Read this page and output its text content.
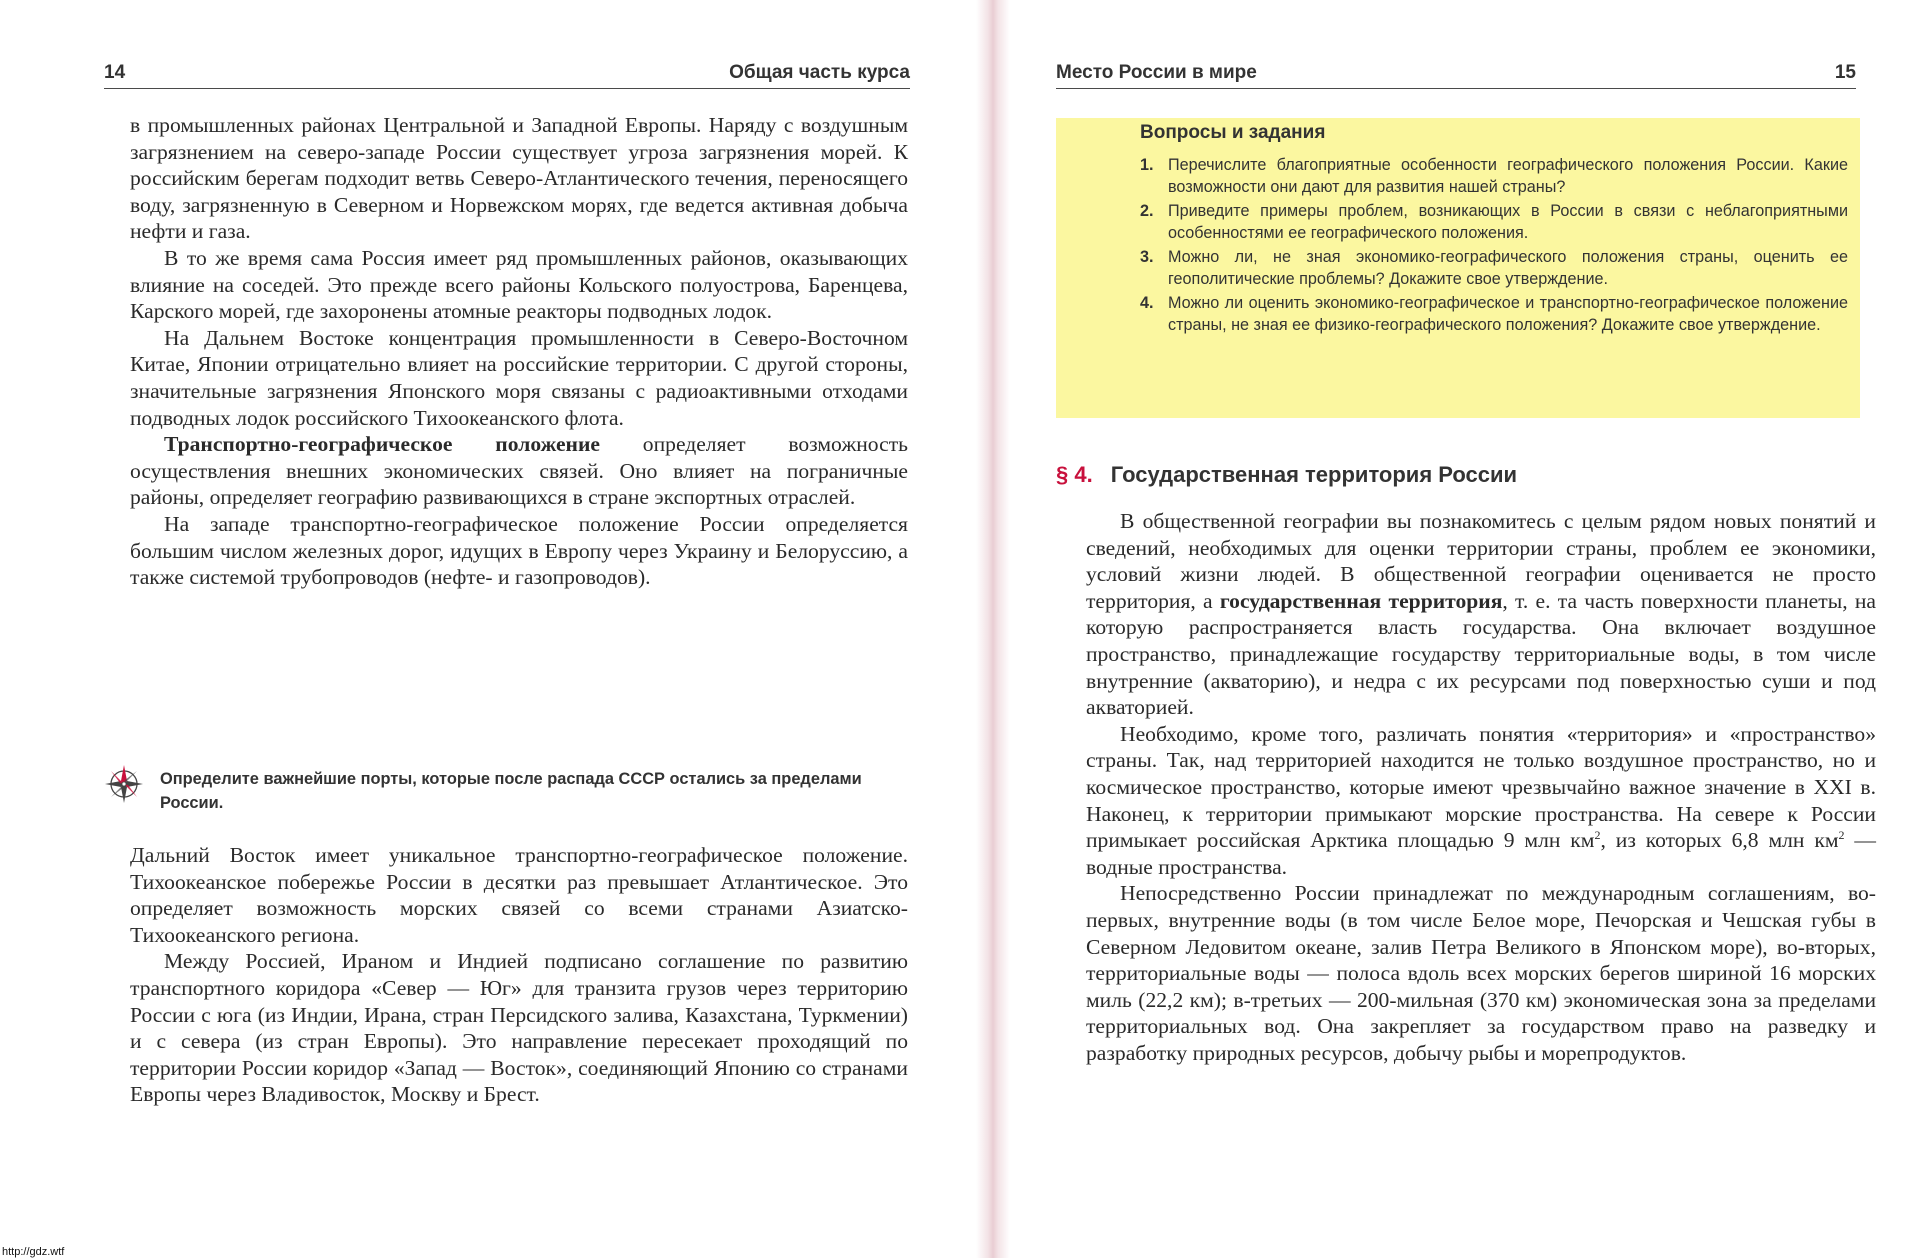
14	Общая часть курса

в промышленных районах Центральной и Западной Европы. Наряду с воздушным загрязнением на северо-западе России существует угроза загрязнения морей. К российским берегам подходит ветвь Северо-Атлантического течения, переносящего воду, загрязненную в Северном и Норвежском морях, где ведется активная добыча нефти и газа.

В то же время сама Россия имеет ряд промышленных районов, оказывающих влияние на соседей. Это прежде всего районы Кольского полуострова, Баренцева, Карского морей, где захоронены атомные реакторы подводных лодок.

На Дальнем Востоке концентрация промышленности в Северо-Восточном Китае, Японии отрицательно влияет на российские территории. С другой стороны, значительные загрязнения Японского моря связаны с радиоактивными отходами подводных лодок российского Тихоокеанского флота.

Транспортно-географическое положение определяет возможность осуществления внешних экономических связей. Оно влияет на пограничные районы, определяет географию развивающихся в стране экспортных отраслей.

На западе транспортно-географическое положение России определяется большим числом железных дорог, идущих в Европу через Украину и Белоруссию, а также системой трубопроводов (нефте- и газопроводов).

Определите важнейшие порты, которые после распада СССР остались за пределами России.

Дальний Восток имеет уникальное транспортно-географическое положение. Тихоокеанское побережье России в десятки раз превышает Атлантическое. Это определяет возможность морских связей со всеми странами Азиатско-Тихоокеанского региона.

Между Россией, Ираном и Индией подписано соглашение по развитию транспортного коридора «Север — Юг» для транзита грузов через территорию России с юга (из Индии, Ирана, стран Персидского залива, Казахстана, Туркмении) и с севера (из стран Европы). Это направление пересекает проходящий по территории России коридор «Запад — Восток», соединяющий Японию со странами Европы через Владивосток, Москву и Брест.

Место России в мире	15
Вопросы и задания
1. Перечислите благоприятные особенности географического положения России. Какие возможности они дают для развития нашей страны?
2. Приведите примеры проблем, возникающих в России в связи с неблагоприятными особенностями ее географического положения.
3. Можно ли, не зная экономико-географического положения страны, оценить ее геополитические проблемы? Докажите свое утверждение.
4. Можно ли оценить экономико-географическое и транспортно-географическое положение страны, не зная ее физико-географического положения? Докажите свое утверждение.
§ 4. Государственная территория России

В общественной географии вы познакомитесь с целым рядом новых понятий и сведений, необходимых для оценки территории страны, проблем ее экономики, условий жизни людей. В общественной географии оценивается не просто территория, а государственная территория, т. е. та часть поверхности планеты, на которую распространяется власть государства. Она включает воздушное пространство, принадлежащие государству территориальные воды, в том числе внутренние (акваторию), и недра с их ресурсами под поверхностью суши и под акваторией.

Необходимо, кроме того, различать понятия «территория» и «пространство» страны. Так, над территорией находится не только воздушное пространство, но и космическое пространство, которые имеют чрезвычайно важное значение в XXI в. Наконец, к территории примыкают морские пространства. На севере к России примыкает российская Арктика площадью 9 млн $км^2$, из которых 6,8 млн $км^2$ — водные пространства.

Непосредственно России принадлежат по международным соглашениям, во-первых, внутренние воды (в том числе Белое море, Печорская и Чешская губы в Северном Ледовитом океане, залив Петра Великого в Японском море), во-вторых, территориальные воды — полоса вдоль всех морских берегов шириной 16 морских миль (22,2 км); в-третьих — 200-мильная (370 км) экономическая зона за пределами территориальных вод. Она закрепляет за государством право на разведку и разработку природных ресурсов, добычу рыбы и морепродуктов.

http://gdz.wtf
